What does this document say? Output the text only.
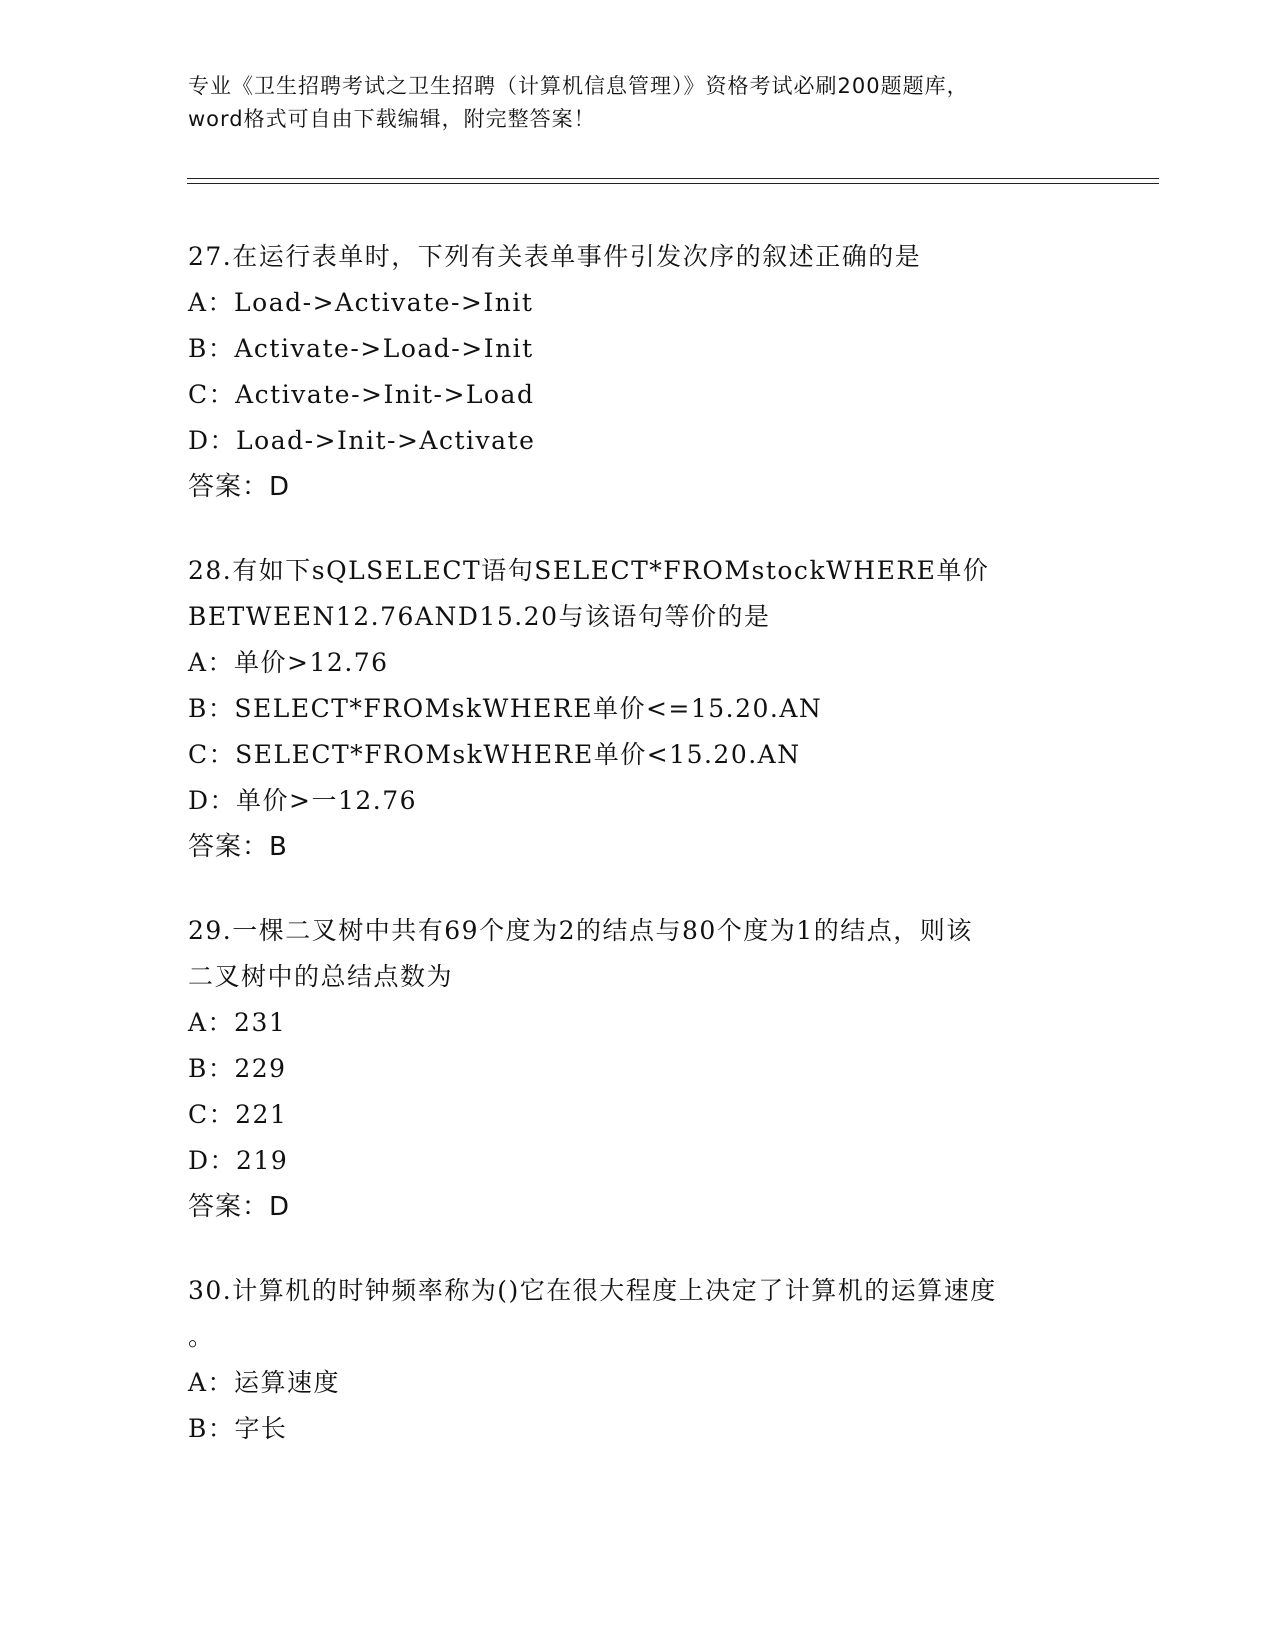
专业《卫生招聘考试之卫生招聘（计算机信息管理）》资格考试必刷200题题库，
word格式可自由下载编辑，附完整答案！
27.在运行表单时，下列有关表单事件引发次序的叙述正确的是
A：Load->Activate->Init
B：Activate->Load->Init
C：Activate->Init->Load
D：Load->Init->Activate
答案：D
28.有如下sQLSELECT语句SELECT*FROMstockWHERE单价
BETWEEN12.76AND15.20与该语句等价的是
A：单价>12.76
B：SELECT*FROMskWHERE单价<=15.20.AN
C：SELECT*FROMskWHERE单价<15.20.AN
D：单价>一12.76
答案：B
29.一棵二叉树中共有69个度为2的结点与80个度为1的结点，则该
二叉树中的总结点数为
A：231
B：229
C：221
D：219
答案：D
30.计算机的时钟频率称为()它在很大程度上决定了计算机的运算速度
。
A：运算速度
B：字长
